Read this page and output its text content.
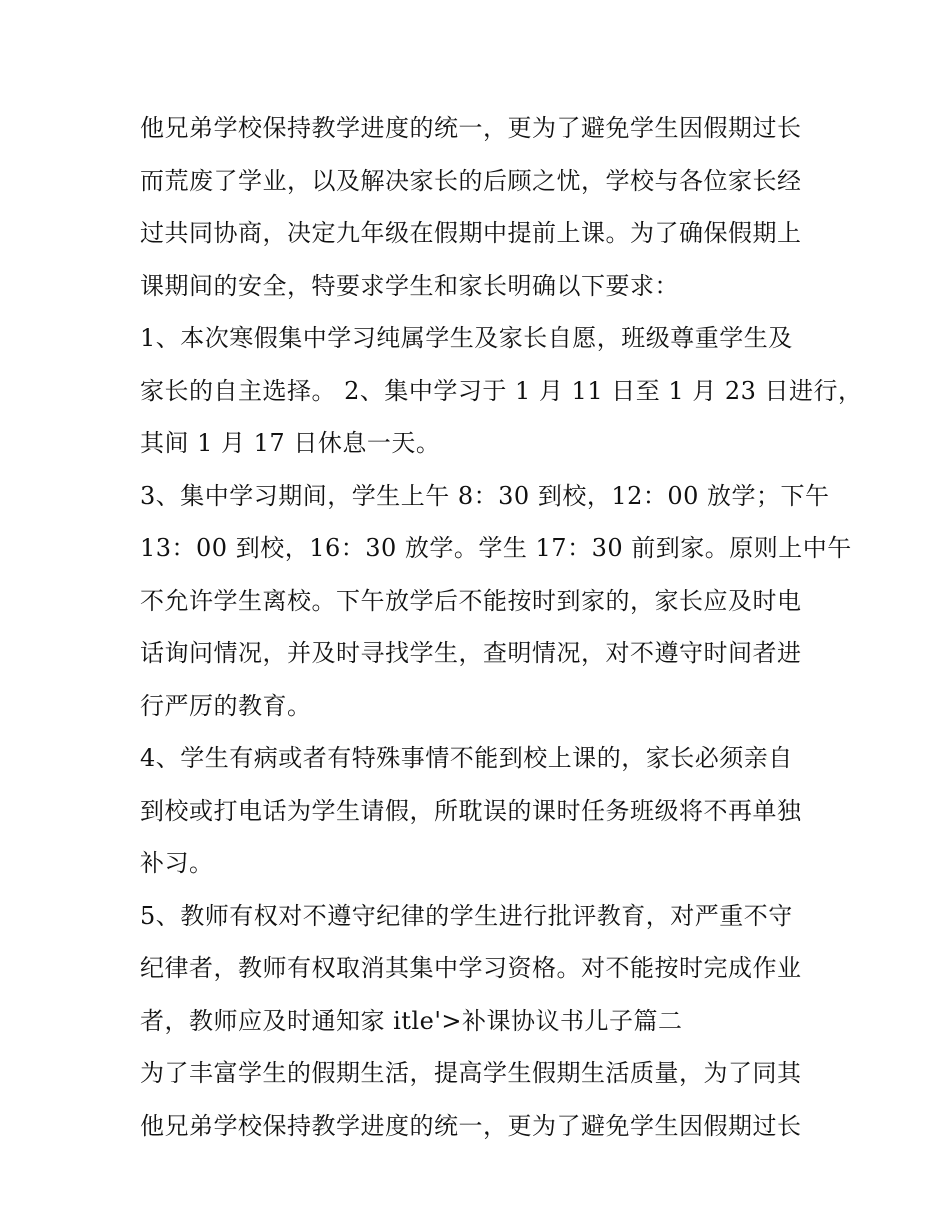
他兄弟学校保持教学进度的统一，更为了避免学生因假期过长
而荒废了学业，以及解决家长的后顾之忧，学校与各位家长经
过共同协商，决定九年级在假期中提前上课。为了确保假期上
课期间的安全，特要求学生和家长明确以下要求：
1、本次寒假集中学习纯属学生及家长自愿，班级尊重学生及
家长的自主选择。 2、集中学习于 1 月 11 日至 1 月 23 日进行，
其间 1 月 17 日休息一天。
3、集中学习期间，学生上午 8：30 到校，12：00 放学；下午
13：00 到校，16：30 放学。学生 17：30 前到家。原则上中午
不允许学生离校。下午放学后不能按时到家的，家长应及时电
话询问情况，并及时寻找学生，查明情况，对不遵守时间者进
行严厉的教育。
4、学生有病或者有特殊事情不能到校上课的，家长必须亲自
到校或打电话为学生请假，所耽误的课时任务班级将不再单独
补习。
5、教师有权对不遵守纪律的学生进行批评教育，对严重不守
纪律者，教师有权取消其集中学习资格。对不能按时完成作业
者，教师应及时通知家 itle'>补课协议书儿子篇二
为了丰富学生的假期生活，提高学生假期生活质量，为了同其
他兄弟学校保持教学进度的统一，更为了避免学生因假期过长
